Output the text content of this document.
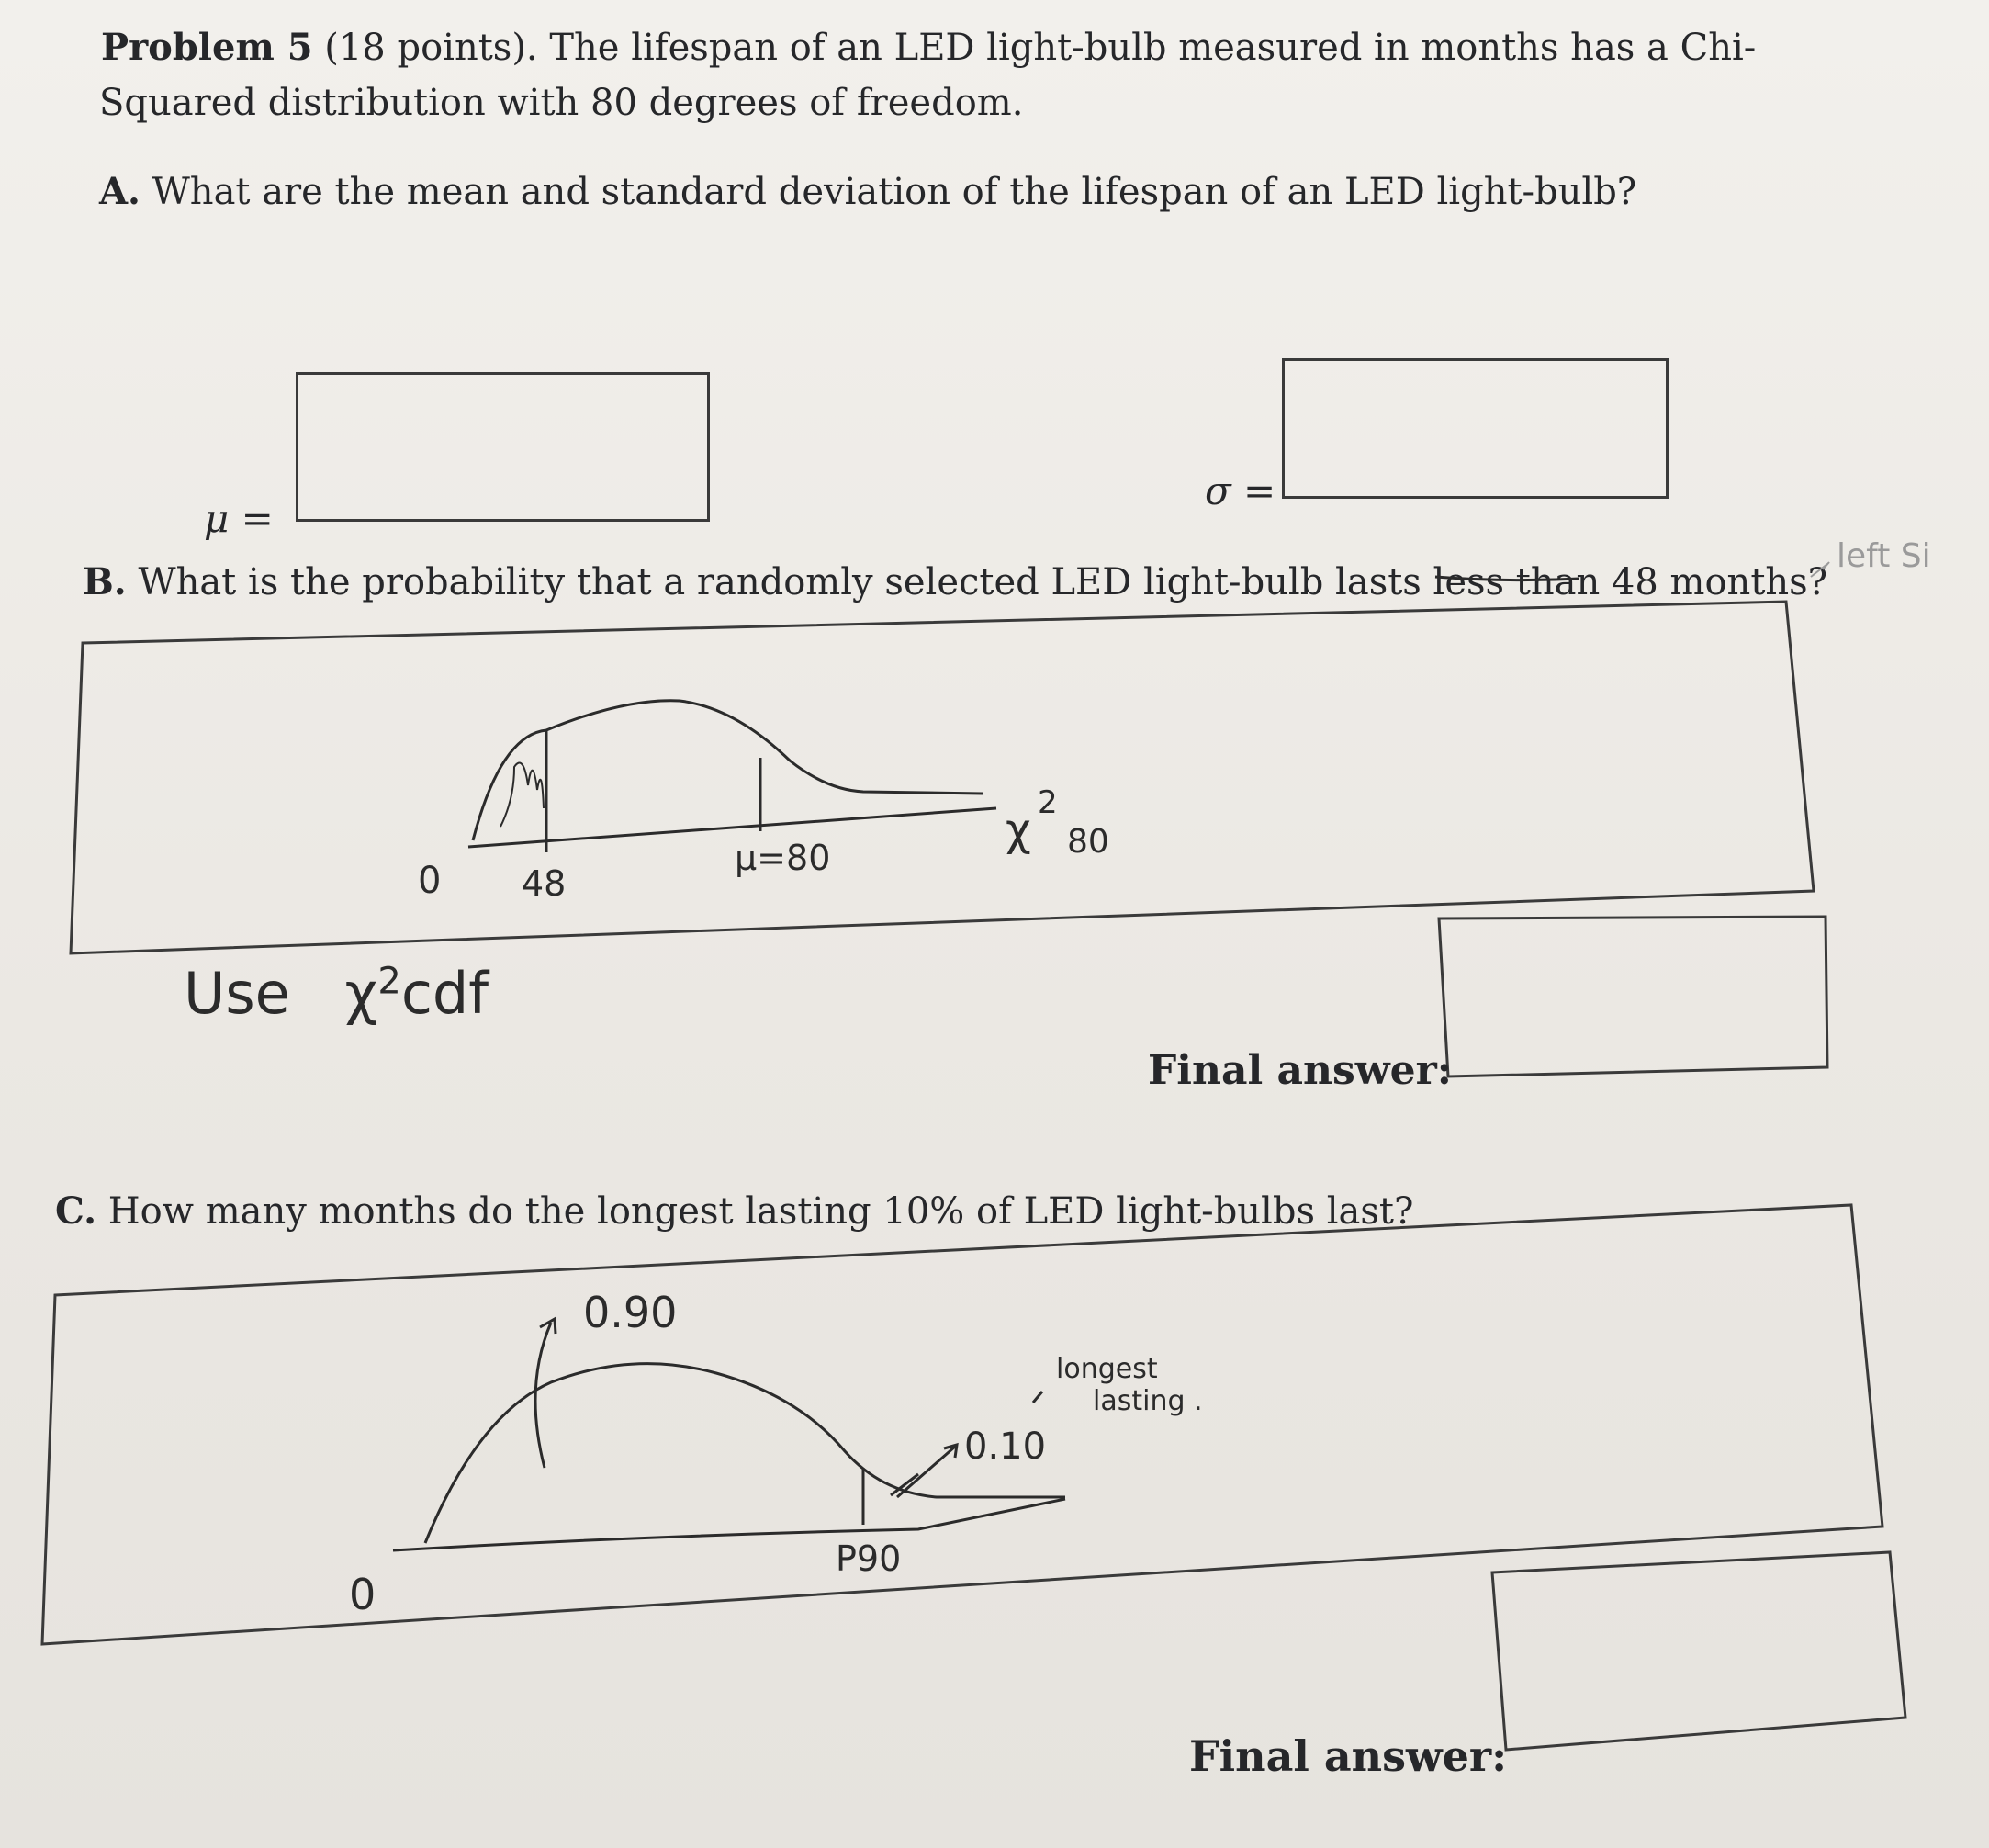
Problem 5 (18 points). The lifespan of an LED light-bulb measured in months has a Chi-
Squared distribution with 80 degrees of freedom.
A. What are the mean and standard deviation of the lifespan of an LED light-bulb?
μ =
σ =
B. What is the probability that a randomly selected LED light-bulb lasts less than 48 months?
left Si
C. How many months do the longest lasting 10% of LED light-bulbs last?
0 48
μ=80
χ
2
80
0.90
0.10
0
P90
longest
lasting .
Use $\chi^2cdf$
Final answer:
Final answer:
